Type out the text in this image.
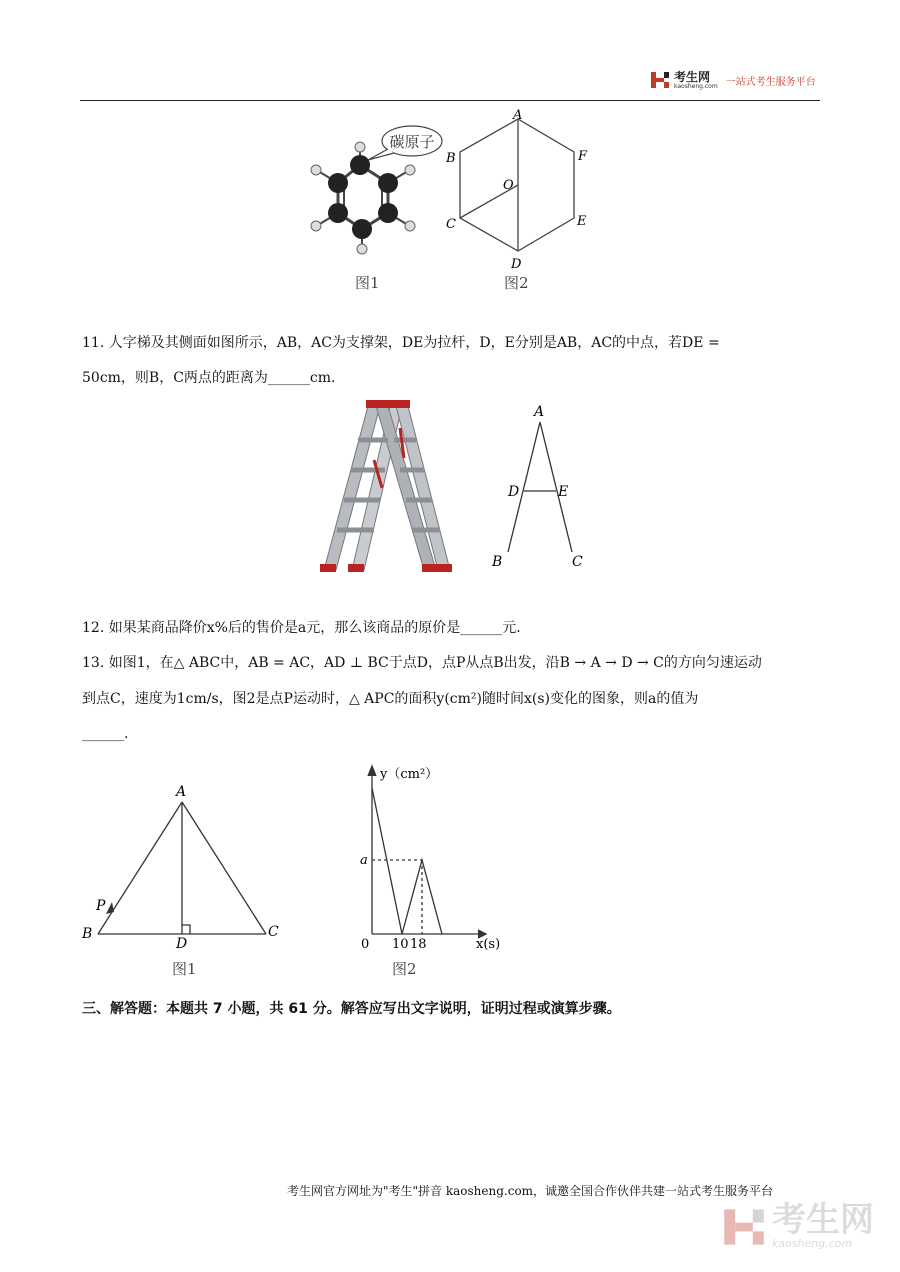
考生网
kaosheng.com 一站式考生服务平台
碳原子
A
B	F
O
C	E
D
图1	图2
11. 人字梯及其侧面如图所示，AB，AC为支撑架，DE为拉杆，D，E分别是AB，AC的中点，若DE =
50cm，则B，C两点的距离为______cm.
A
D	E
B	C
12. 如果某商品降价x%后的售价是a元，那么该商品的原价是______元.
13. 如图1，在△ ABC中，AB = AC，AD ⊥ BC于点D，点P从点B出发，沿B → A → D → C的方向匀速运动
到点C，速度为1cm/s，图2是点P运动时，△ APC的面积y(cm²)随时间x(s)变化的图象，则a的值为
______.
A
P
B	C
D
图1
y（cm²）
a
0 10 18	x(s)
图2
三、解答题：本题共 7 小题，共 61 分。解答应写出文字说明，证明过程或演算步骤。
考生网官方网址为"考生"拼音 kaosheng.com，诚邀全国合作伙伴共建一站式考生服务平台
考生网
kaosheng.com
